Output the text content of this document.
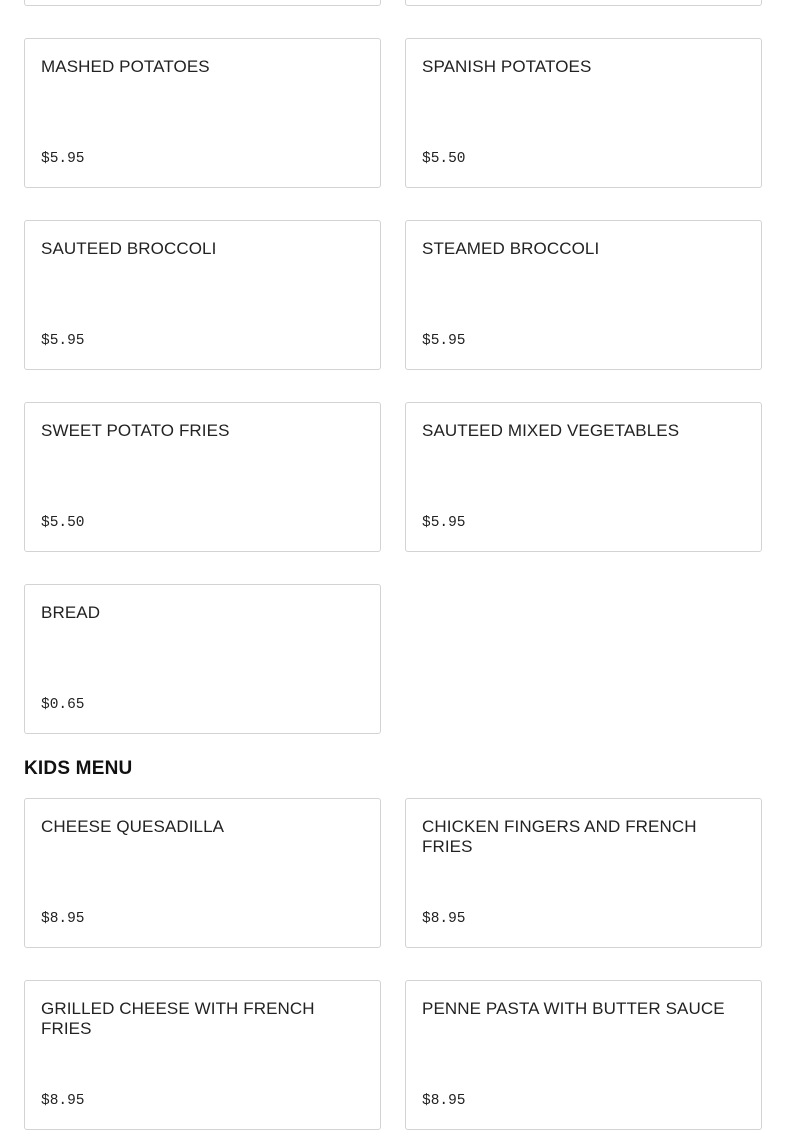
MASHED POTATOES
$5.95
SPANISH POTATOES
$5.50
SAUTEED BROCCOLI
$5.95
STEAMED BROCCOLI
$5.95
SWEET POTATO FRIES
$5.50
SAUTEED MIXED VEGETABLES
$5.95
BREAD
$0.65
KIDS MENU
CHEESE QUESADILLA
$8.95
CHICKEN FINGERS AND FRENCH FRIES
$8.95
GRILLED CHEESE WITH FRENCH FRIES
$8.95
PENNE PASTA WITH BUTTER SAUCE
$8.95
